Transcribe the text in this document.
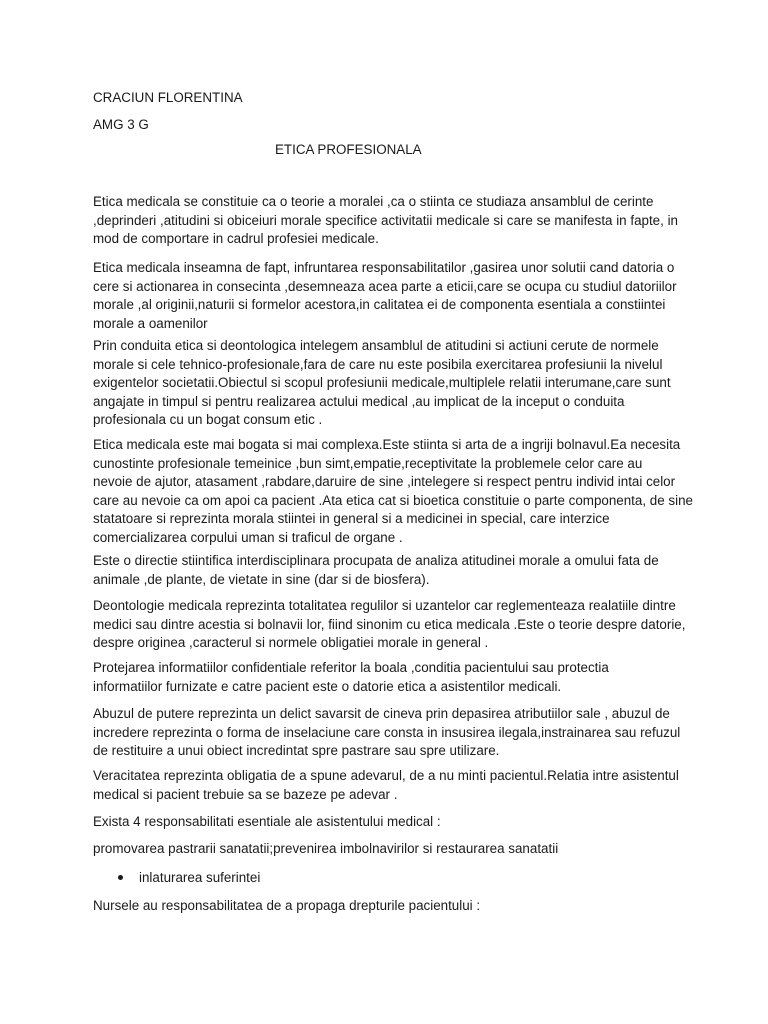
CRACIUN FLORENTINA
AMG 3 G
ETICA PROFESIONALA

Etica medicala se constituie ca o teorie a moralei ,ca o stiinta ce studiaza ansamblul de cerinte
,deprinderi ,atitudini si obiceiuri morale specifice activitatii medicale si care se manifesta in fapte, in
mod de comportare in cadrul profesiei medicale.

Etica medicala inseamna de fapt, infruntarea responsabilitatilor ,gasirea unor solutii cand datoria o
cere si actionarea in consecinta ,desemneaza acea parte a eticii,care se ocupa cu studiul datoriilor
morale ,al originii,naturii si formelor acestora,in calitatea ei de componenta esentiala a constiintei
morale a oamenilor

Prin conduita etica si deontologica intelegem ansamblul de atitudini si actiuni cerute de normele
morale si cele tehnico-profesionale,fara de care nu este posibila exercitarea profesiunii la nivelul
exigentelor societatii.Obiectul si scopul profesiunii medicale,multiplele relatii interumane,care sunt
angajate in timpul si pentru realizarea actului medical ,au implicat de la inceput o conduita
profesionala cu un bogat consum etic .

Etica medicala este mai bogata si mai complexa.Este stiinta si arta de a ingriji bolnavul.Ea necesita
cunostinte profesionale temeinice ,bun simt,empatie,receptivitate la problemele celor care au
nevoie de ajutor, atasament ,rabdare,daruire de sine ,intelegere si respect pentru individ intai celor
care au nevoie ca om apoi ca pacient .Ata etica cat si bioetica constituie o parte componenta, de sine
statatoare si reprezinta morala stiintei in general si a medicinei in special, care interzice
comercializarea corpului uman si traficul de organe .

Este o directie stiintifica interdisciplinara procupata de analiza atitudinei morale a omului fata de
animale ,de plante, de vietate in sine (dar si de biosfera).

Deontologie medicala reprezinta totalitatea regulilor si uzantelor car reglementeaza realatiile dintre
medici sau dintre acestia si bolnavii lor, fiind sinonim cu etica medicala .Este o teorie despre datorie,
despre originea ,caracterul si normele obligatiei morale in general .

Protejarea informatiilor confidentiale referitor la boala ,conditia pacientului sau protectia
informatiilor furnizate e catre pacient este o datorie etica a asistentilor medicali.

Abuzul de putere reprezinta un delict savarsit de cineva prin depasirea atributiilor sale , abuzul de
incredere reprezinta o forma de inselaciune care consta in insusirea ilegala,instrainarea sau refuzul
de restituire a unui obiect incredintat spre pastrare sau spre utilizare.

Veracitatea reprezinta obligatia de a spune adevarul, de a nu minti pacientul.Relatia intre asistentul
medical si pacient trebuie sa se bazeze pe adevar .

Exista 4 responsabilitati esentiale ale asistentului medical :

promovarea pastrarii sanatatii;prevenirea imbolnavirilor si restaurarea sanatatii

inlaturarea suferintei

Nursele au responsabilitatea de a propaga drepturile pacientului :
